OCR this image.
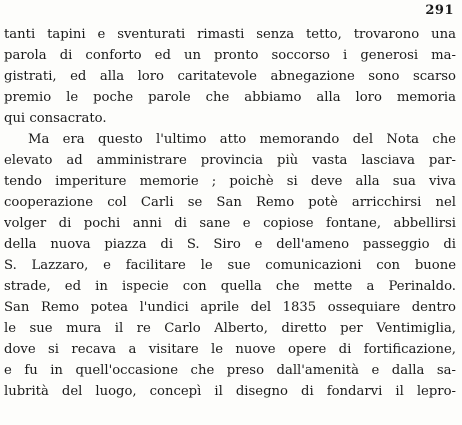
291
tanti tapini e sventurati rimasti senza tetto, trovarono una
parola di conforto ed un pronto soccorso i generosi ma-
gistrati, ed alla loro caritatevole abnegazione sono scarso
premio le poche parole che abbiamo alla loro memoria
qui consacrato.
Ma era questo l'ultimo atto memorando del Nota che
elevato ad amministrare provincia più vasta lasciava par-
tendo imperiture memorie ; poichè si deve alla sua viva
cooperazione col Carli se San Remo potè arricchirsi nel
volger di pochi anni di sane e copiose fontane, abbellirsi
della nuova piazza di S. Siro e dell'ameno passeggio di
S. Lazzaro, e facilitare le sue comunicazioni con buone
strade, ed in ispecie con quella che mette a Perinaldo.
San Remo potea l'undici aprile del 1835 ossequiare dentro
le sue mura il re Carlo Alberto, diretto per Ventimiglia,
dove si recava a visitare le nuove opere di fortificazione,
e fu in quell'occasione che preso dall'amenità e dalla sa-
lubrità del luogo, concepì il disegno di fondarvi il lepro-
